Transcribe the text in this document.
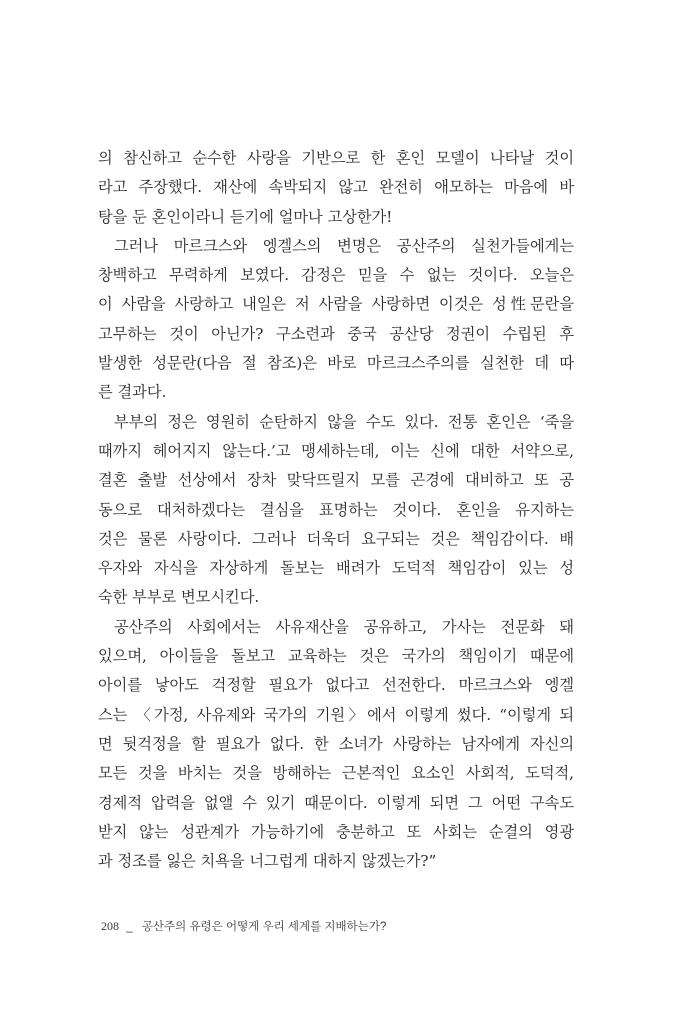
의 참신하고 순수한 사랑을 기반으로 한 혼인 모델이 나타날 것이
라고 주장했다. 재산에 속박되지 않고 완전히 애모하는 마음에 바
탕을 둔 혼인이라니 듣기에 얼마나 고상한가!
그러나 마르크스와 엥겔스의 변명은 공산주의 실천가들에게는
창백하고 무력하게 보였다. 감정은 믿을 수 없는 것이다. 오늘은
이 사람을 사랑하고 내일은 저 사람을 사랑하면 이것은 성性문란을
고무하는 것이 아닌가? 구소련과 중국 공산당 정권이 수립된 후
발생한 성문란(다음 절 참조)은 바로 마르크스주의를 실천한 데 따
른 결과다.
부부의 정은 영원히 순탄하지 않을 수도 있다. 전통 혼인은 ‘죽을
때까지 헤어지지 않는다.’고 맹세하는데, 이는 신에 대한 서약으로,
결혼 출발 선상에서 장차 맞닥뜨릴지 모를 곤경에 대비하고 또 공
동으로 대처하겠다는 결심을 표명하는 것이다. 혼인을 유지하는
것은 물론 사랑이다. 그러나 더욱더 요구되는 것은 책임감이다. 배
우자와 자식을 자상하게 돌보는 배려가 도덕적 책임감이 있는 성
숙한 부부로 변모시킨다.
공산주의 사회에서는 사유재산을 공유하고, 가사는 전문화 돼
있으며, 아이들을 돌보고 교육하는 것은 국가의 책임이기 때문에
아이를 낳아도 걱정할 필요가 없다고 선전한다. 마르크스와 엥겔
스는 〈가정, 사유제와 국가의 기원〉에서 이렇게 썼다. “이렇게 되
면 뒷걱정을 할 필요가 없다. 한 소녀가 사랑하는 남자에게 자신의
모든 것을 바치는 것을 방해하는 근본적인 요소인 사회적, 도덕적,
경제적 압력을 없앨 수 있기 때문이다. 이렇게 되면 그 어떤 구속도
받지 않는 성관계가 가능하기에 충분하고 또 사회는 순결의 영광
과 정조를 잃은 치욕을 너그럽게 대하지 않겠는가?”
208 _ 공산주의 유령은 어떻게 우리 세계를 지배하는가?
